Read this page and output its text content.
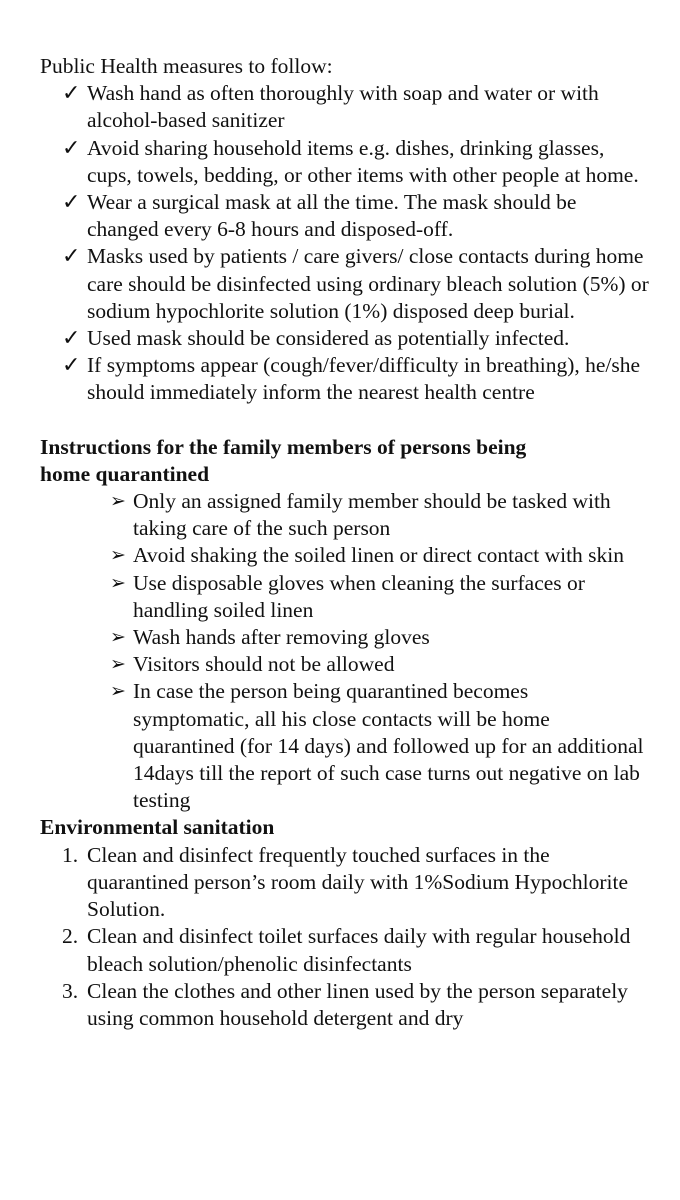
Public Health measures to follow:

✓ Wash hand as often thoroughly with soap and water or with alcohol-based sanitizer
✓ Avoid sharing household items e.g. dishes, drinking glasses, cups, towels, bedding, or other items with other people at home.
✓ Wear a surgical mask at all the time. The mask should be changed every 6-8 hours and disposed-off.
✓ Masks used by patients / care givers/ close contacts during home care should be disinfected using ordinary bleach solution (5%) or sodium hypochlorite solution (1%) disposed deep burial.
✓ Used mask should be considered as potentially infected.
✓ If symptoms appear (cough/fever/difficulty in breathing), he/she should immediately inform the nearest health centre

Instructions for the family members of persons being home quarantined

➢ Only an assigned family member should be tasked with taking care of the such person
➢ Avoid shaking the soiled linen or direct contact with skin
➢ Use disposable gloves when cleaning the surfaces or handling soiled linen
➢ Wash hands after removing gloves
➢ Visitors should not be allowed
➢ In case the person being quarantined becomes symptomatic, all his close contacts will be home quarantined (for 14 days) and followed up for an additional 14days till the report of such case turns out negative on lab testing

Environmental sanitation

1. Clean and disinfect frequently touched surfaces in the quarantined person’s room daily with 1%Sodium Hypochlorite Solution.
2. Clean and disinfect toilet surfaces daily with regular household bleach solution/phenolic disinfectants
3. Clean the clothes and other linen used by the person separately using common household detergent and dry
